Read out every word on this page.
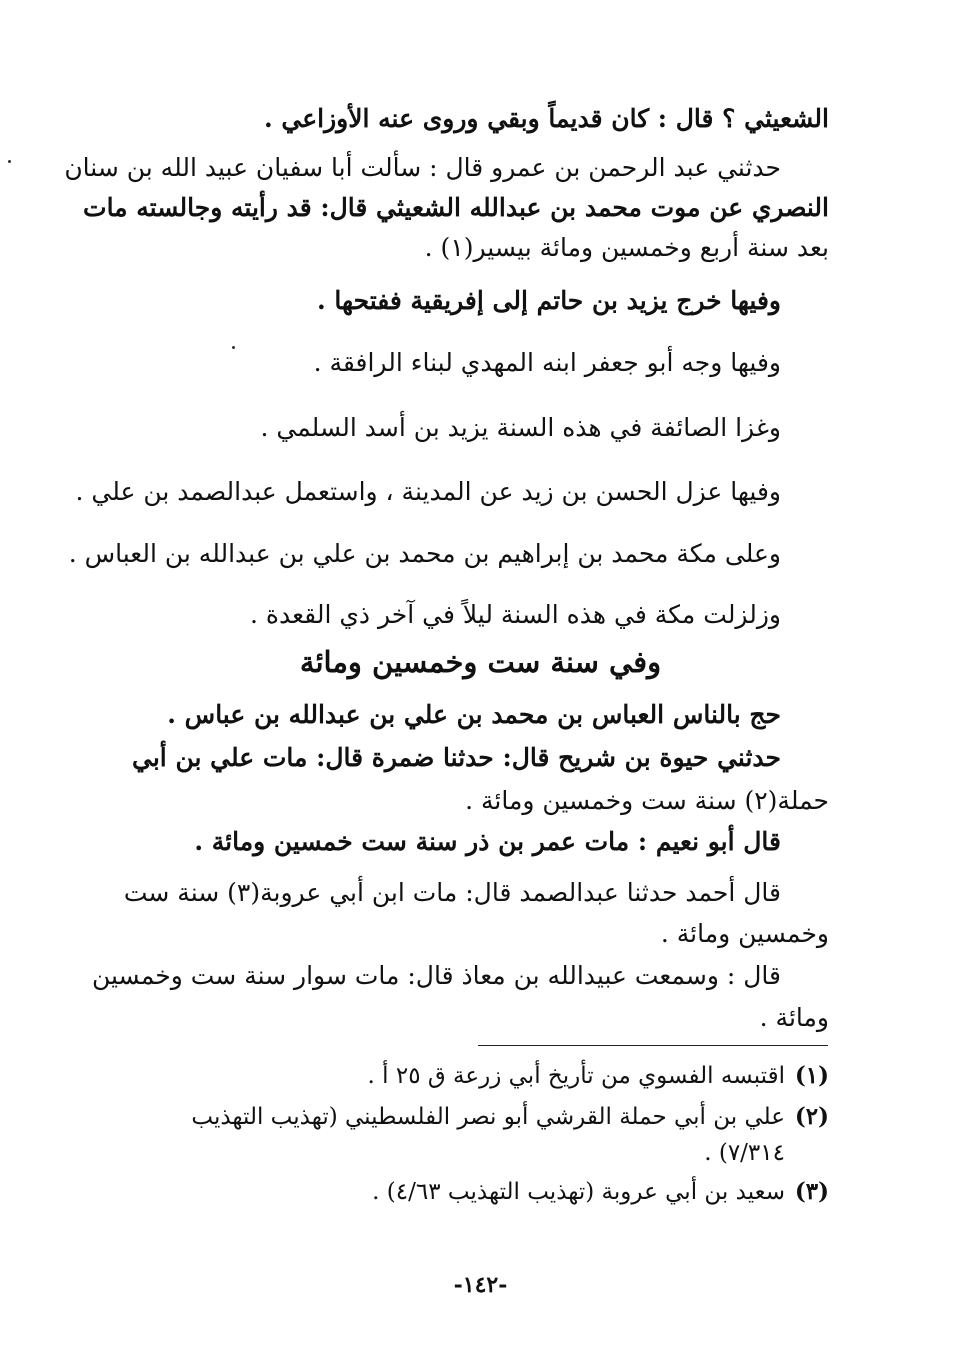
الشعيثي ؟ قال : كان قديماً وبقي وروى عنه الأوزاعي .
حدثني عبد الرحمن بن عمرو قال : سألت أبا سفيان عبيد الله بن سنان
النصري عن موت محمد بن عبدالله الشعيثي قال: قد رأيته وجالسته مات
بعد سنة أربع وخمسين ومائة بيسير(١) .
وفيها خرج يزيد بن حاتم إلى إفريقية ففتحها .
وفيها وجه أبو جعفر ابنه المهدي لبناء الرافقة .
وغزا الصائفة في هذه السنة يزيد بن أسد السلمي .
وفيها عزل الحسن بن زيد عن المدينة ، واستعمل عبدالصمد بن علي .
وعلى مكة محمد بن إبراهيم بن محمد بن علي بن عبدالله بن العباس .
وزلزلت مكة في هذه السنة ليلاً في آخر ذي القعدة .
وفي سنة ست وخمسين ومائة
حج بالناس العباس بن محمد بن علي بن عبدالله بن عباس .
حدثني حيوة بن شريح قال: حدثنا ضمرة قال: مات علي بن أبي
حملة(٢) سنة ست وخمسين ومائة .
قال أبو نعيم : مات عمر بن ذر سنة ست خمسين ومائة .
قال أحمد حدثنا عبدالصمد قال: مات ابن أبي عروبة(٣) سنة ست
وخمسين ومائة .
قال : وسمعت عبيدالله بن معاذ قال: مات سوار سنة ست وخمسين
ومائة .
(١)اقتبسه الفسوي من تأريخ أبي زرعة ق ٢٥ أ .
(٢)علي بن أبي حملة القرشي أبو نصر الفلسطيني (تهذيب التهذيب
٧/٣١٤) .
(٣)سعيد بن أبي عروبة (تهذيب التهذيب ٤/٦٣) .
-١٤٢-
